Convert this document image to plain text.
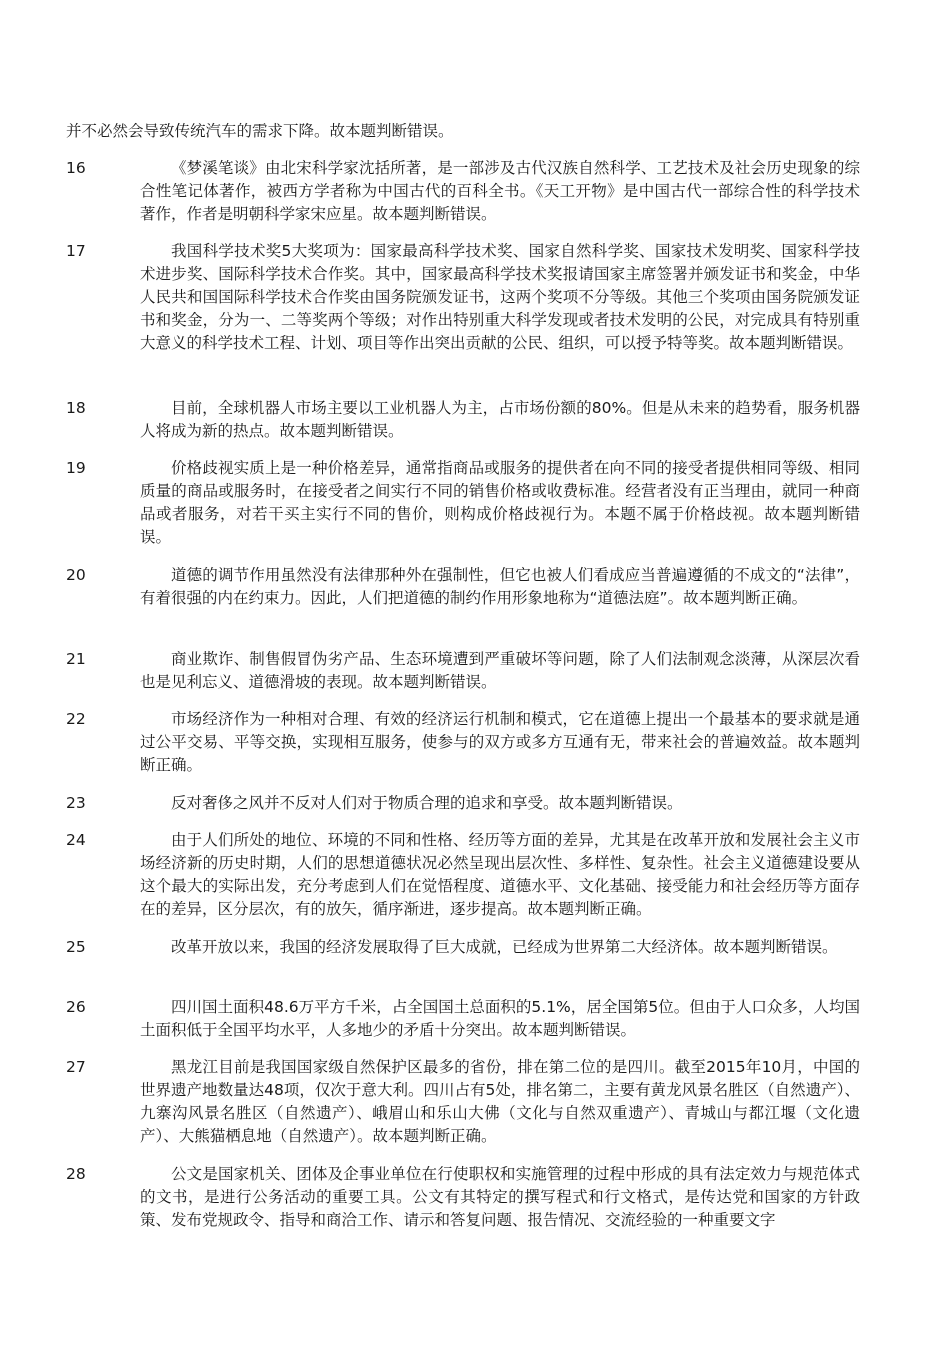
并不必然会导致传统汽车的需求下降。故本题判断错误。

16	《梦溪笔谈》由北宋科学家沈括所著，是一部涉及古代汉族自然科学、工艺技术及社会历史现象的综合性笔记体著作，被西方学者称为中国古代的百科全书。《天工开物》是中国古代一部综合性的科学技术著作，作者是明朝科学家宋应星。故本题判断错误。

17	我国科学技术奖5大奖项为：国家最高科学技术奖、国家自然科学奖、国家技术发明奖、国家科学技术进步奖、国际科学技术合作奖。其中，国家最高科学技术奖报请国家主席签署并颁发证书和奖金，中华人民共和国国际科学技术合作奖由国务院颁发证书，这两个奖项不分等级。其他三个奖项由国务院颁发证书和奖金，分为一、二等奖两个等级；对作出特别重大科学发现或者技术发明的公民，对完成具有特别重大意义的科学技术工程、计划、项目等作出突出贡献的公民、组织，可以授予特等奖。故本题判断错误。

18	目前，全球机器人市场主要以工业机器人为主，占市场份额的80%。但是从未来的趋势看，服务机器人将成为新的热点。故本题判断错误。

19	价格歧视实质上是一种价格差异，通常指商品或服务的提供者在向不同的接受者提供相同等级、相同质量的商品或服务时，在接受者之间实行不同的销售价格或收费标准。经营者没有正当理由，就同一种商品或者服务，对若干买主实行不同的售价，则构成价格歧视行为。本题不属于价格歧视。故本题判断错误。

20	道德的调节作用虽然没有法律那种外在强制性，但它也被人们看成应当普遍遵循的不成文的“法律”，有着很强的内在约束力。因此，人们把道德的制约作用形象地称为“道德法庭”。故本题判断正确。

21	商业欺诈、制售假冒伪劣产品、生态环境遭到严重破坏等问题，除了人们法制观念淡薄，从深层次看也是见利忘义、道德滑坡的表现。故本题判断错误。

22	市场经济作为一种相对合理、有效的经济运行机制和模式，它在道德上提出一个最基本的要求就是通过公平交易、平等交换，实现相互服务，使参与的双方或多方互通有无，带来社会的普遍效益。故本题判断正确。

23	反对奢侈之风并不反对人们对于物质合理的追求和享受。故本题判断错误。

24	由于人们所处的地位、环境的不同和性格、经历等方面的差异，尤其是在改革开放和发展社会主义市场经济新的历史时期，人们的思想道德状况必然呈现出层次性、多样性、复杂性。社会主义道德建设要从这个最大的实际出发，充分考虑到人们在觉悟程度、道德水平、文化基础、接受能力和社会经历等方面存在的差异，区分层次，有的放矢，循序渐进，逐步提高。故本题判断正确。

25	改革开放以来，我国的经济发展取得了巨大成就，已经成为世界第二大经济体。故本题判断错误。

26	四川国土面积48.6万平方千米，占全国国土总面积的5.1%，居全国第5位。但由于人口众多，人均国土面积低于全国平均水平，人多地少的矛盾十分突出。故本题判断错误。

27	黑龙江目前是我国国家级自然保护区最多的省份，排在第二位的是四川。截至2015年10月，中国的世界遗产地数量达48项，仅次于意大利。四川占有5处，排名第二，主要有黄龙风景名胜区（自然遗产）、九寨沟风景名胜区（自然遗产）、峨眉山和乐山大佛（文化与自然双重遗产）、青城山与都江堰（文化遗产）、大熊猫栖息地（自然遗产）。故本题判断正确。

28	公文是国家机关、团体及企事业单位在行使职权和实施管理的过程中形成的具有法定效力与规范体式的文书，是进行公务活动的重要工具。公文有其特定的撰写程式和行文格式，是传达党和国家的方针政策、发布党规政令、指导和商洽工作、请示和答复问题、报告情况、交流经验的一种重要文字
